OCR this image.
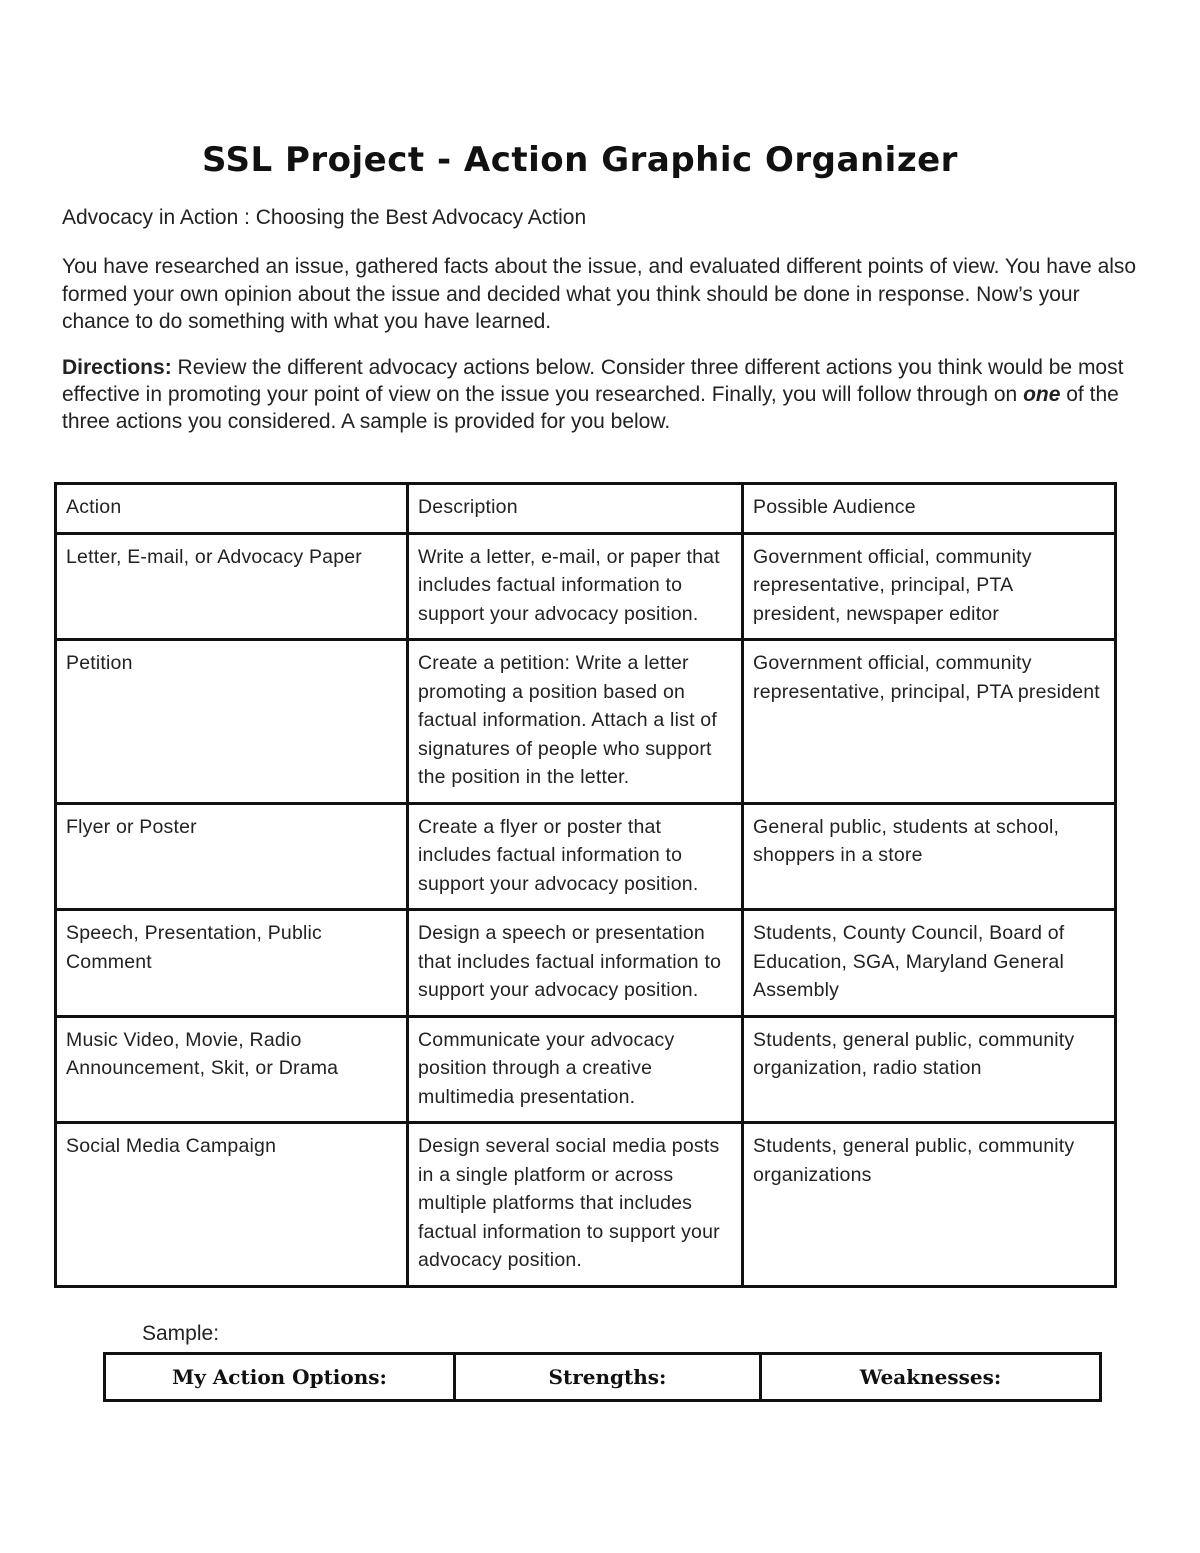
SSL Project - Action Graphic Organizer
Advocacy in Action : Choosing the Best Advocacy Action
You have researched an issue, gathered facts about the issue, and evaluated different points of view. You have also formed your own opinion about the issue and decided what you think should be done in response. Now’s your chance to do something with what you have learned.
Directions: Review the different advocacy actions below. Consider three different actions you think would be most effective in promoting your point of view on the issue you researched. Finally, you will follow through on one of the three actions you considered. A sample is provided for you below.
Action	Description	Possible Audience
Letter, E-mail, or Advocacy Paper	Write a letter, e-mail, or paper that includes factual information to support your advocacy position.	Government official, community representative, principal, PTA president, newspaper editor
Petition	Create a petition: Write a letter promoting a position based on factual information. Attach a list of signatures of people who support the position in the letter.	Government official, community representative, principal, PTA president
Flyer or Poster	Create a flyer or poster that includes factual information to support your advocacy position.	General public, students at school, shoppers in a store
Speech, Presentation, Public Comment	Design a speech or presentation that includes factual information to support your advocacy position.	Students, County Council, Board of Education, SGA, Maryland General Assembly
Music Video, Movie, Radio Announcement, Skit, or Drama	Communicate your advocacy position through a creative multimedia presentation.	Students, general public, community organization, radio station
Social Media Campaign	Design several social media posts in a single platform or across multiple platforms that includes factual information to support your advocacy position.	Students, general public, community organizations
Sample:
My Action Options:	Strengths:	Weaknesses:
